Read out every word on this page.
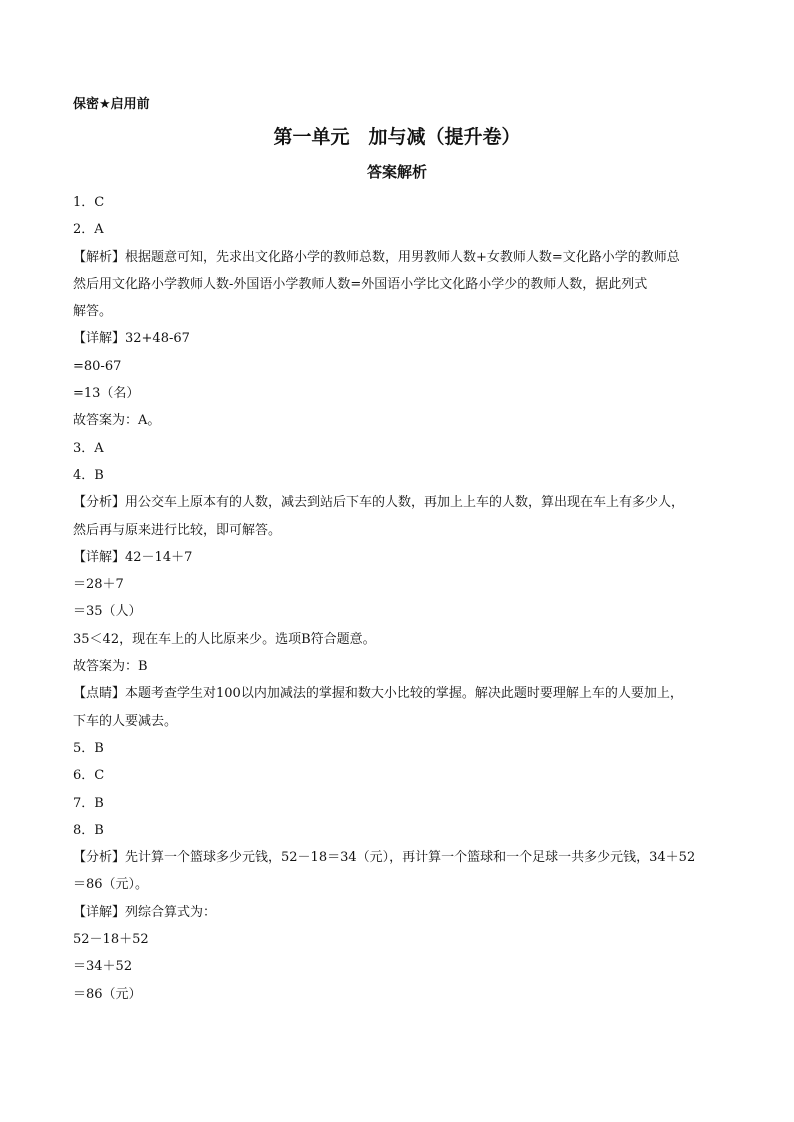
保密★启用前
第一单元　加与减（提升卷）
答案解析
1．C
2．A
【解析】根据题意可知，先求出文化路小学的教师总数，用男教师人数+女教师人数=文化路小学的教师总
然后用文化路小学教师人数-外国语小学教师人数=外国语小学比文化路小学少的教师人数，据此列式
解答。
【详解】32+48-67
=80-67
=13（名）
故答案为：A。
3．A
4．B
【分析】用公交车上原本有的人数，减去到站后下车的人数，再加上上车的人数，算出现在车上有多少人，
然后再与原来进行比较，即可解答。
【详解】42－14＋7
＝28＋7
＝35（人）
35＜42，现在车上的人比原来少。选项B符合题意。
故答案为：B
【点睛】本题考查学生对100以内加减法的掌握和数大小比较的掌握。解决此题时要理解上车的人要加上，
下车的人要减去。
5．B
6．C
7．B
8．B
【分析】先计算一个篮球多少元钱，52－18＝34（元），再计算一个篮球和一个足球一共多少元钱，34＋52
＝86（元）。
【详解】列综合算式为：
52－18＋52
＝34＋52
＝86（元）
